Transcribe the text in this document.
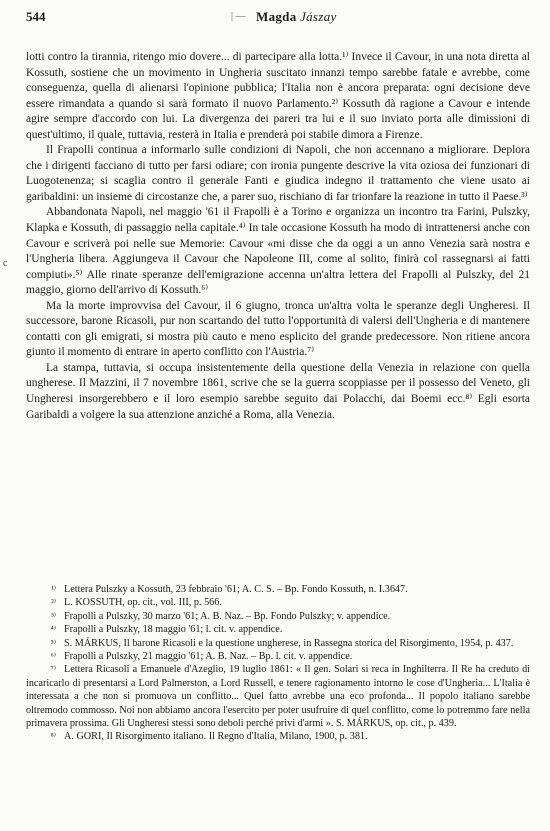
544	| — Magda Jászay
c

lotti contro la tirannia, ritengo mio dovere... di partecipare alla lotta.¹⁾ Invece il Cavour, in una nota diretta al Kossuth, sostiene che un movimento in Ungheria suscitato innanzi tempo sarebbe fatale e avrebbe, come conseguenza, quella di alienarsi l'opinione pubblica; l'Italia non è ancora preparata: ogni decisione deve essere rimandata a quando si sarà formato il nuovo Parlamento.²⁾ Kossuth dà ragione a Cavour e intende agire sempre d'accordo con lui. La divergenza dei pareri tra lui e il suo inviato porta alle dimissioni di quest'ultimo, il quale, tuttavia, resterà in Italia e prenderà poi stabile dimora a Firenze.

Il Frapolli continua a informarlo sulle condizioni di Napoli, che non accennano a migliorare. Deplora che i dirigenti facciano di tutto per farsi odiare; con ironia pungente descrive la vita oziosa dei funzionari di Luogotenenza; si scaglia contro il generale Fanti e giudica indegno il trattamento che viene usato ai garibaldini: un insieme di circostanze che, a parer suo, rischiano di far trionfare la reazione in tutto il Paese.³⁾

Abbandonata Napoli, nel maggio '61 il Frapolli è a Torino e organizza un incontro tra Farini, Pulszky, Klapka e Kossuth, di passaggio nella capitale.⁴⁾ In tale occasione Kossuth ha modo di intrattenersi anche con Cavour e scriverà poi nelle sue Memorie: Cavour «mi disse che da oggi a un anno Venezia sarà nostra e l'Ungheria libera. Aggiungeva il Cavour che Napoleone III, come al solito, finirà col rassegnarsi ai fatti compiuti».⁵⁾ Alle rinate speranze dell'emigrazione accenna un'altra lettera del Frapolli al Pulszky, del 21 maggio, giorno dell'arrivo di Kossuth.⁶⁾

Ma la morte improvvisa del Cavour, il 6 giugno, tronca un'altra volta le speranze degli Ungheresi. Il successore, barone Ricasoli, pur non scartando del tutto l'opportunità di valersi dell'Ungheria e di mantenere contatti con gli emigrati, si mostra più cauto e meno esplicito del grande predecessore. Non ritiene ancora giunto il momento di entrare in aperto conflitto con l'Austria.⁷⁾

La stampa, tuttavia, si occupa insistentemente della questione della Venezia in relazione con quella ungherese. Il Mazzini, il 7 novembre 1861, scrive che se la guerra scoppiasse per il possesso del Veneto, gli Ungheresi insorgerebbero e il loro esempio sarebbe seguito dai Polacchi, dai Boemi ecc.⁸⁾ Egli esorta Garibaldi a volgere la sua attenzione anziché a Roma, alla Venezia.

¹⁾ Lettera Pulszky a Kossuth, 23 febbraio '61; A. C. S. – Bp. Fondo Kossuth, n. I.3647.

²⁾ L. KOSSUTH, op. cit., vol. III, p. 566.

³⁾ Frapolli a Pulszky, 30 marzo '61; A. B. Naz. – Bp. Fondo Pulszky; v. appendice.

⁴⁾ Frapolli a Pulszky, 18 maggio '61; l. cit. v. appendice.

⁵⁾ S. MÁRKUS, Il barone Ricasoli e la questione ungherese, in Rassegna storica del Risorgimento, 1954, p. 437.

⁶⁾ Frapolli a Pulszky, 21 maggio '61; A. B. Naz. – Bp. l. cit. v. appendice.

⁷⁾ Lettera Ricasoli a Emanuele d'Azeglio, 19 luglio 1861: « Il gen. Solari si reca in Inghilterra. Il Re ha creduto di incaricarlo di presentarsi a Lord Palmerston, a Lord Russell, e tenere ragionamento intorno le cose d'Ungheria... L'Italia è interessata a che non si promuova un conflitto... Quel fatto avrebbe una eco profonda... Il popolo italiano sarebbe oltremodo commosso. Noi non abbiamo ancora l'esercito per poter usufruire di quel conflitto, come lo potremmo fare nella primavera prossima. Gli Ungheresi stessi sono deboli perché privi d'armi ». S. MÁRKUS, op. cit., p. 439.

⁸⁾ A. GORI, Il Risorgimento italiano. Il Regno d'Italia, Milano, 1900, p. 381.
